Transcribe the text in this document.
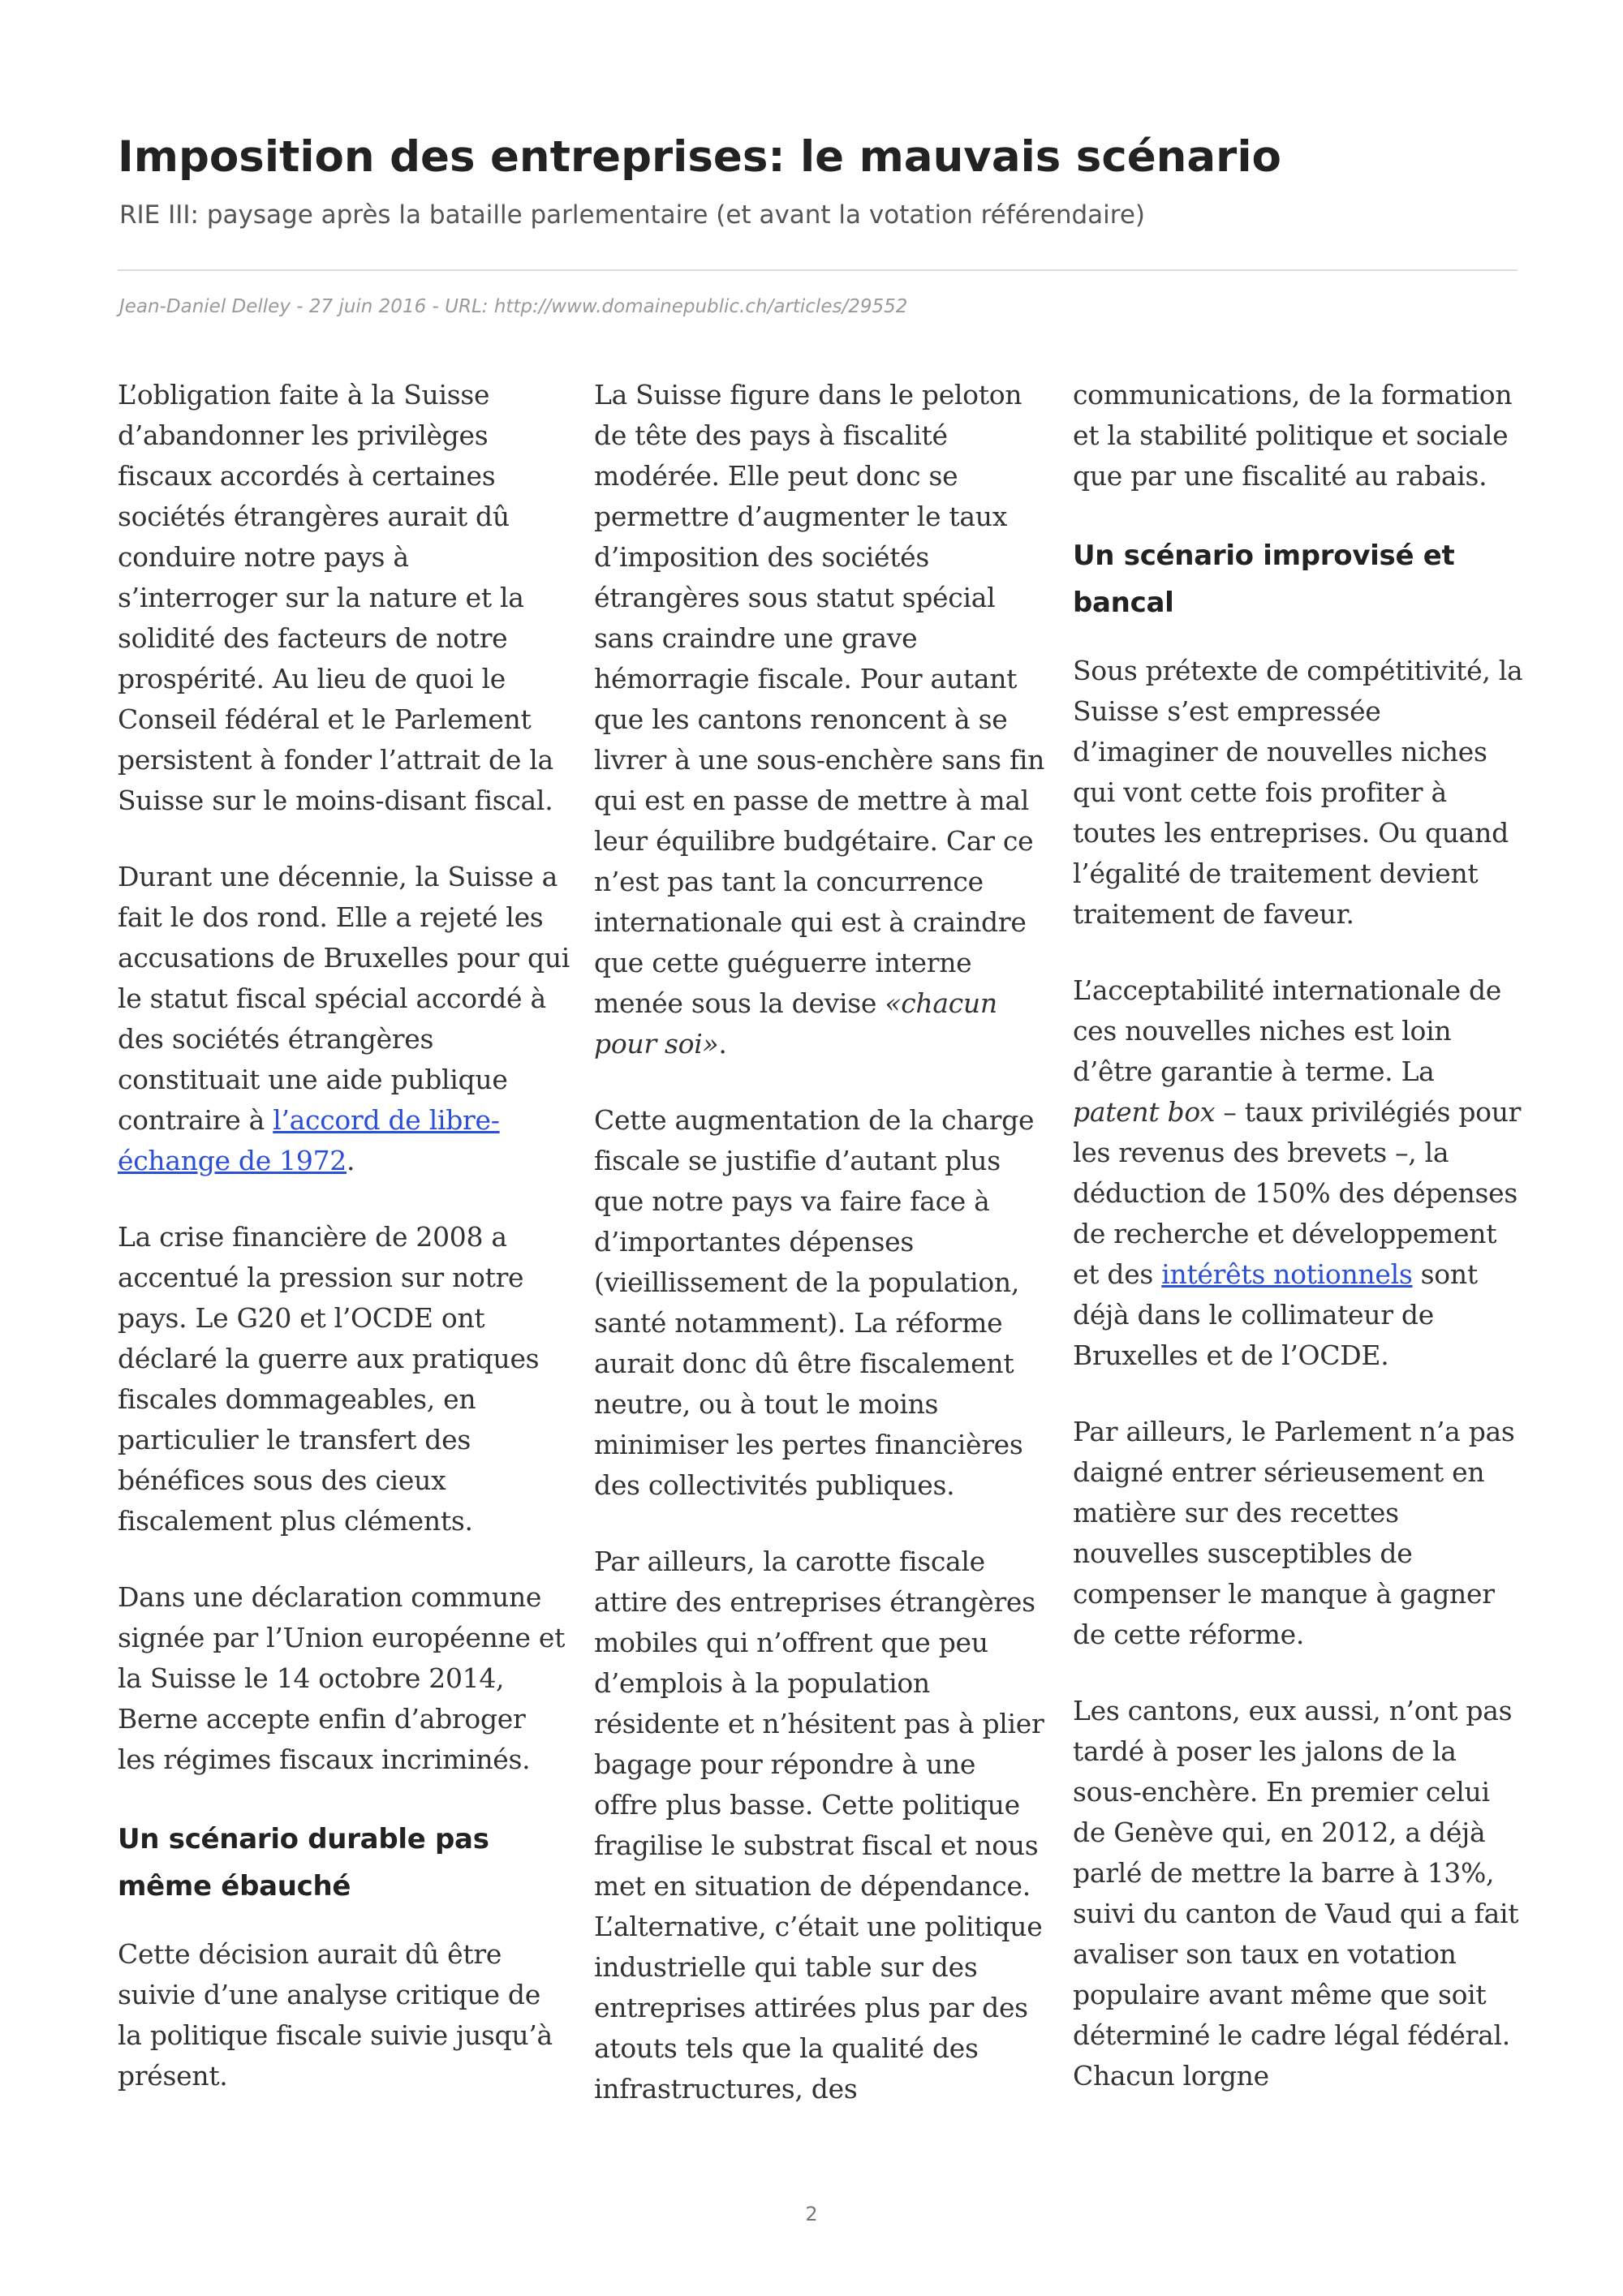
Imposition des entreprises: le mauvais scénario

RIE III: paysage après la bataille parlementaire (et avant la votation référendaire)

Jean-Daniel Delley - 27 juin 2016 - URL: http://www.domainepublic.ch/articles/29552

L’obligation faite à la Suisse d’abandonner les privilèges fiscaux accordés à certaines sociétés étrangères aurait dû conduire notre pays à s’interroger sur la nature et la solidité des facteurs de notre prospérité. Au lieu de quoi le Conseil fédéral et le Parlement persistent à fonder l’attrait de la Suisse sur le moins-disant fiscal.

Durant une décennie, la Suisse a fait le dos rond. Elle a rejeté les accusations de Bruxelles pour qui le statut fiscal spécial accordé à des sociétés étrangères constituait une aide publique contraire à l’accord de libre-échange de 1972.

La crise financière de 2008 a accentué la pression sur notre pays. Le G20 et l’OCDE ont déclaré la guerre aux pratiques fiscales dommageables, en particulier le transfert des bénéfices sous des cieux fiscalement plus cléments.

Dans une déclaration commune signée par l’Union européenne et la Suisse le 14 octobre 2014, Berne accepte enfin d’abroger les régimes fiscaux incriminés.

Un scénario durable pas même ébauché

Cette décision aurait dû être suivie d’une analyse critique de la politique fiscale suivie jusqu’à présent.

La Suisse figure dans le peloton de tête des pays à fiscalité modérée. Elle peut donc se permettre d’augmenter le taux d’imposition des sociétés étrangères sous statut spécial sans craindre une grave hémorragie fiscale. Pour autant que les cantons renoncent à se livrer à une sous-enchère sans fin qui est en passe de mettre à mal leur équilibre budgétaire. Car ce n’est pas tant la concurrence internationale qui est à craindre que cette guéguerre interne menée sous la devise «chacun pour soi».

Cette augmentation de la charge fiscale se justifie d’autant plus que notre pays va faire face à d’importantes dépenses (vieillissement de la population, santé notamment). La réforme aurait donc dû être fiscalement neutre, ou à tout le moins minimiser les pertes financières des collectivités publiques.

Par ailleurs, la carotte fiscale attire des entreprises étrangères mobiles qui n’offrent que peu d’emplois à la population résidente et n’hésitent pas à plier bagage pour répondre à une offre plus basse. Cette politique fragilise le substrat fiscal et nous met en situation de dépendance. L’alternative, c’était une politique industrielle qui table sur des entreprises attirées plus par des atouts tels que la qualité des infrastructures, des

communications, de la formation et la stabilité politique et sociale que par une fiscalité au rabais.

Un scénario improvisé et bancal

Sous prétexte de compétitivité, la Suisse s’est empressée d’imaginer de nouvelles niches qui vont cette fois profiter à toutes les entreprises. Ou quand l’égalité de traitement devient traitement de faveur.

L’acceptabilité internationale de ces nouvelles niches est loin d’être garantie à terme. La patent box – taux privilégiés pour les revenus des brevets –, la déduction de 150% des dépenses de recherche et développement et des intérêts notionnels sont déjà dans le collimateur de Bruxelles et de l’OCDE.

Par ailleurs, le Parlement n’a pas daigné entrer sérieusement en matière sur des recettes nouvelles susceptibles de compenser le manque à gagner de cette réforme.

Les cantons, eux aussi, n’ont pas tardé à poser les jalons de la sous-enchère. En premier celui de Genève qui, en 2012, a déjà parlé de mettre la barre à 13%, suivi du canton de Vaud qui a fait avaliser son taux en votation populaire avant même que soit déterminé le cadre légal fédéral. Chacun lorgne

2
